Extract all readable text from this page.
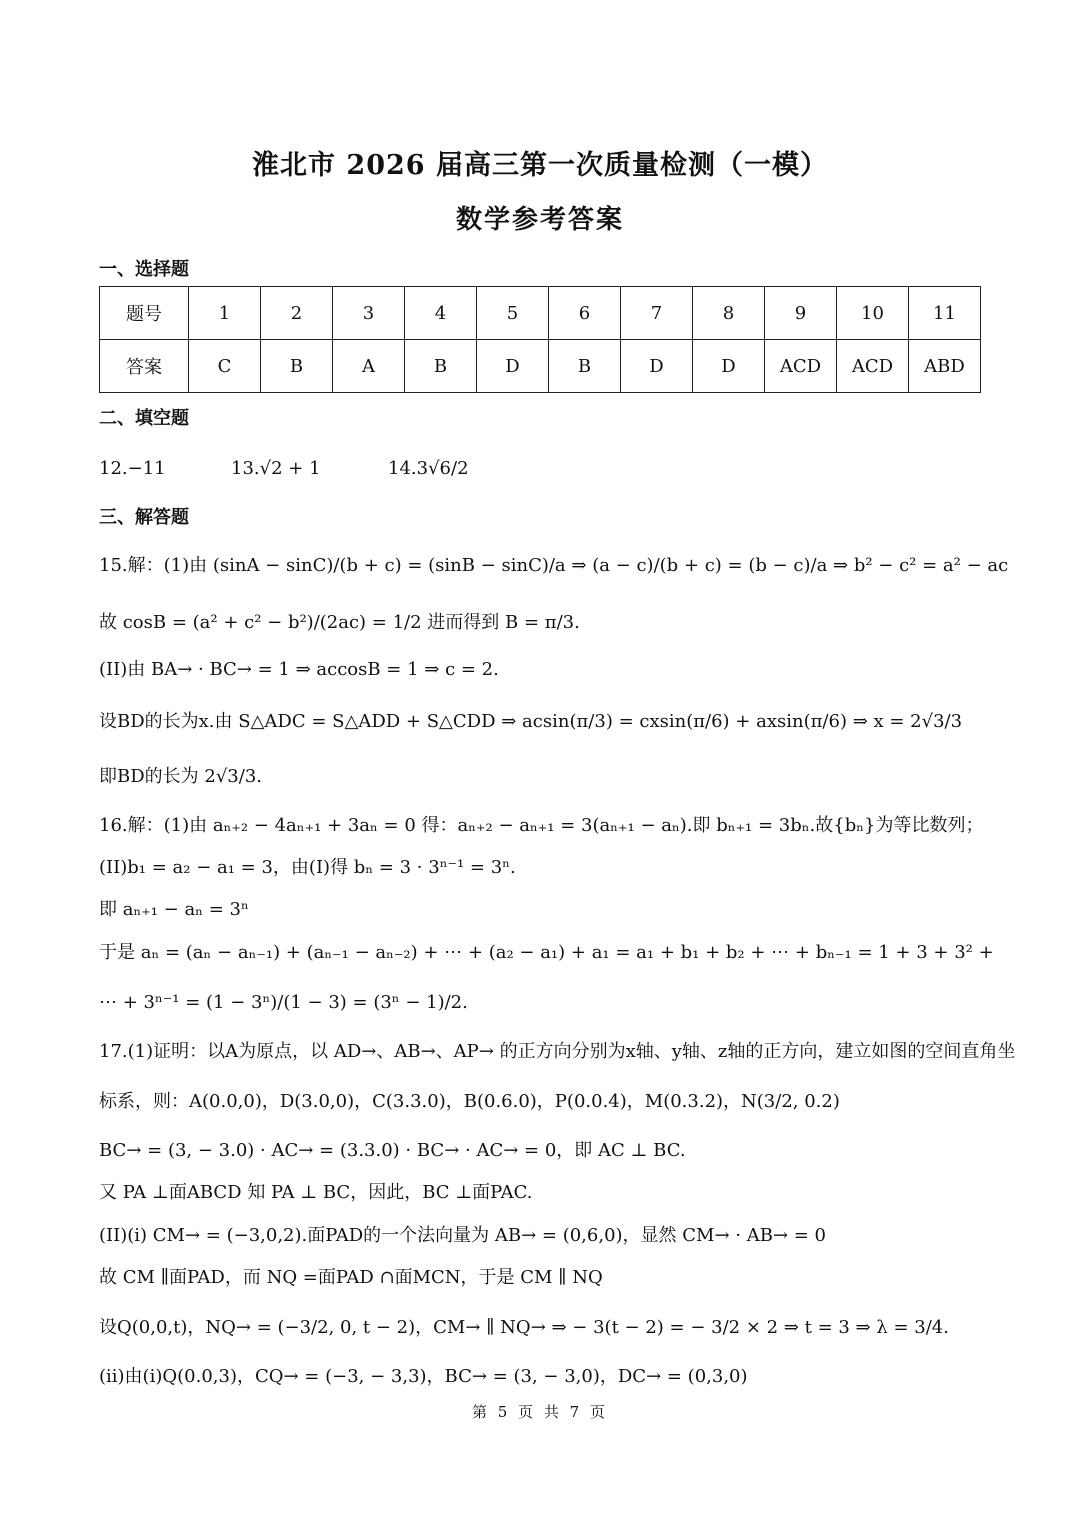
淮北市 2026 届高三第一次质量检测（一模）
数学参考答案
一、选择题
题号	1	2	3	4	5	6	7	8	9	10	11
答案	C	B	A	B	D	B	D	D	ACD	ACD	ABD
二、填空题
12.−11	13.√2 + 1	14.3√6/2
三、解答题
15.解：(1)由 (sinA − sinC)/(b + c) = (sinB − sinC)/a ⇒ (a − c)/(b + c) = (b − c)/a ⇒ b² − c² = a² − ac
故 cosB = (a² + c² − b²)/(2ac) = 1/2 进而得到 B = π/3.
(II)由 BA→ · BC→ = 1 ⇒ accosB = 1 ⇒ c = 2.
设BD的长为x.由 S△ADC = S△ADD + S△CDD ⇒ acsin(π/3) = cxsin(π/6) + axsin(π/6) ⇒ x = 2√3/3
即BD的长为 2√3/3.
16.解：(1)由 aₙ₊₂ − 4aₙ₊₁ + 3aₙ = 0 得：aₙ₊₂ − aₙ₊₁ = 3(aₙ₊₁ − aₙ).即 bₙ₊₁ = 3bₙ.故{bₙ}为等比数列；
(II)b₁ = a₂ − a₁ = 3，由(I)得 bₙ = 3 · 3ⁿ⁻¹ = 3ⁿ.
即 aₙ₊₁ − aₙ = 3ⁿ
于是 aₙ = (aₙ − aₙ₋₁) + (aₙ₋₁ − aₙ₋₂) + ⋯ + (a₂ − a₁) + a₁ = a₁ + b₁ + b₂ + ⋯ + bₙ₋₁ = 1 + 3 + 3² +
⋯ + 3ⁿ⁻¹ = (1 − 3ⁿ)/(1 − 3) = (3ⁿ − 1)/2.
17.(1)证明：以A为原点，以 AD→、AB→、AP→ 的正方向分别为x轴、y轴、z轴的正方向，建立如图的空间直角坐
标系，则：A(0.0,0)，D(3.0,0)，C(3.3.0)，B(0.6.0)，P(0.0.4)，M(0.3.2)，N(3/2, 0.2)
BC→ = (3, − 3.0) · AC→ = (3.3.0) · BC→ · AC→ = 0，即 AC ⊥ BC.
又 PA ⊥面ABCD 知 PA ⊥ BC，因此，BC ⊥面PAC.
(II)(i) CM→ = (−3,0,2).面PAD的一个法向量为 AB→ = (0,6,0)，显然 CM→ · AB→ = 0
故 CM ∥面PAD，而 NQ =面PAD ∩面MCN，于是 CM ∥ NQ
设Q(0,0,t)，NQ→ = (−3/2, 0, t − 2)，CM→ ∥ NQ→ ⇒ − 3(t − 2) = − 3/2 × 2 ⇒ t = 3 ⇒ λ = 3/4.
(ii)由(i)Q(0.0,3)，CQ→ = (−3, − 3,3)，BC→ = (3, − 3,0)，DC→ = (0,3,0)
第 5 页 共 7 页
